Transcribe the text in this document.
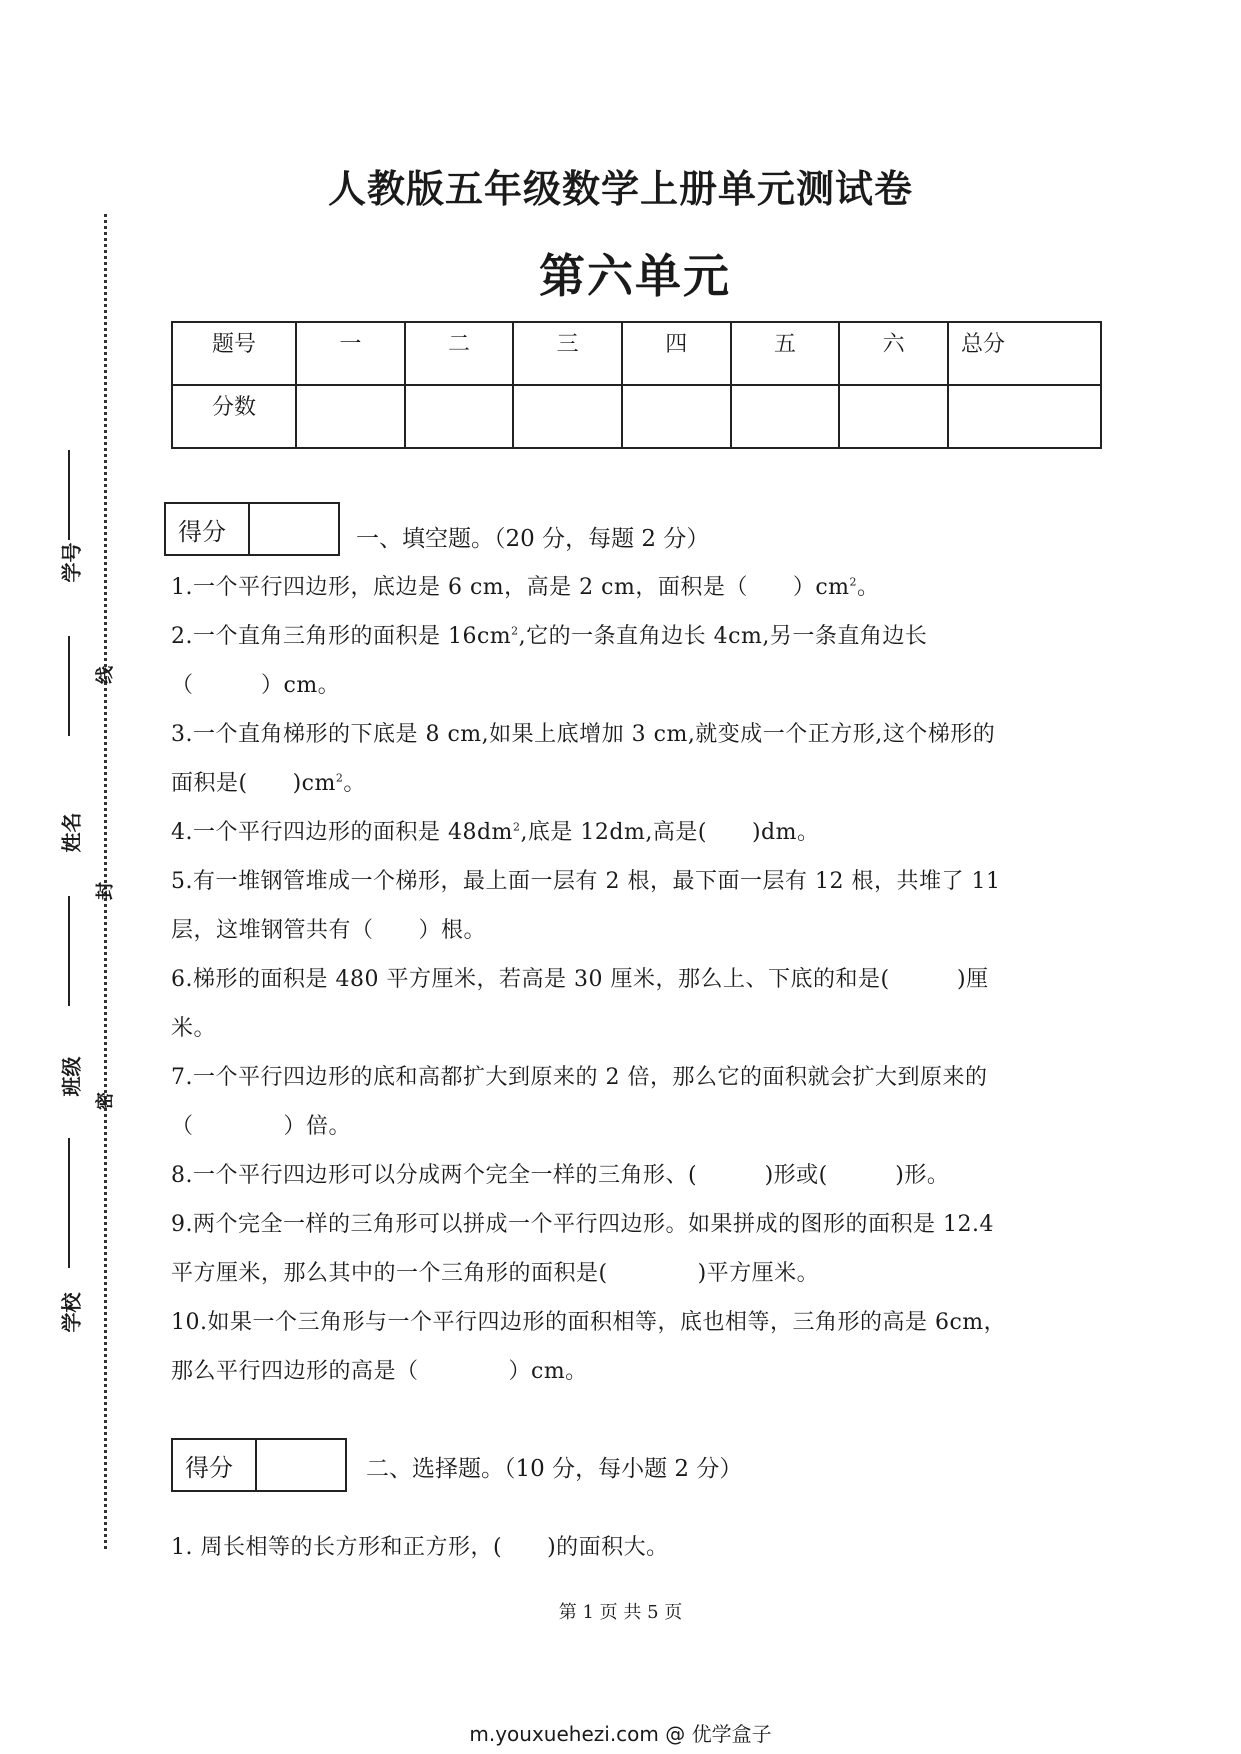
学号
姓名
班级
学校
线
封
密
人教版五年级数学上册单元测试卷
第六单元
题号	一	二	三	四	五	六	总分
分数							
得分	一、填空题。（20 分，每题 2 分）
1.一个平行四边形，底边是 6 cm，高是 2 cm，面积是（　　）$cm^2$。
2.一个直角三角形的面积是 $16cm^2$,它的一条直角边长 4cm,另一条直角边长
（　　　）cm。
3.一个直角梯形的下底是 8 cm,如果上底增加 3 cm,就变成一个正方形,这个梯形的
面积是(　　)$cm^2$。
4.一个平行四边形的面积是 $48dm^2$,底是 12dm,高是(　　)dm。
5.有一堆钢管堆成一个梯形，最上面一层有 2 根，最下面一层有 12 根，共堆了 11
层，这堆钢管共有（　　）根。
6.梯形的面积是 480 平方厘米，若高是 30 厘米，那么上、下底的和是(　　　)厘
米。
7.一个平行四边形的底和高都扩大到原来的 2 倍，那么它的面积就会扩大到原来的
（　　　　）倍。
8.一个平行四边形可以分成两个完全一样的三角形、(　　　)形或(　　　)形。
9.两个完全一样的三角形可以拼成一个平行四边形。如果拼成的图形的面积是 12.4
平方厘米，那么其中的一个三角形的面积是(　　　　)平方厘米。
10.如果一个三角形与一个平行四边形的面积相等，底也相等，三角形的高是 6cm，
那么平行四边形的高是（　　　　）cm。
得分	二、选择题。（10 分，每小题 2 分）
1. 周长相等的长方形和正方形，(　　)的面积大。
第 1 页 共 5 页
m.youxuehezi.com @ 优学盒子
